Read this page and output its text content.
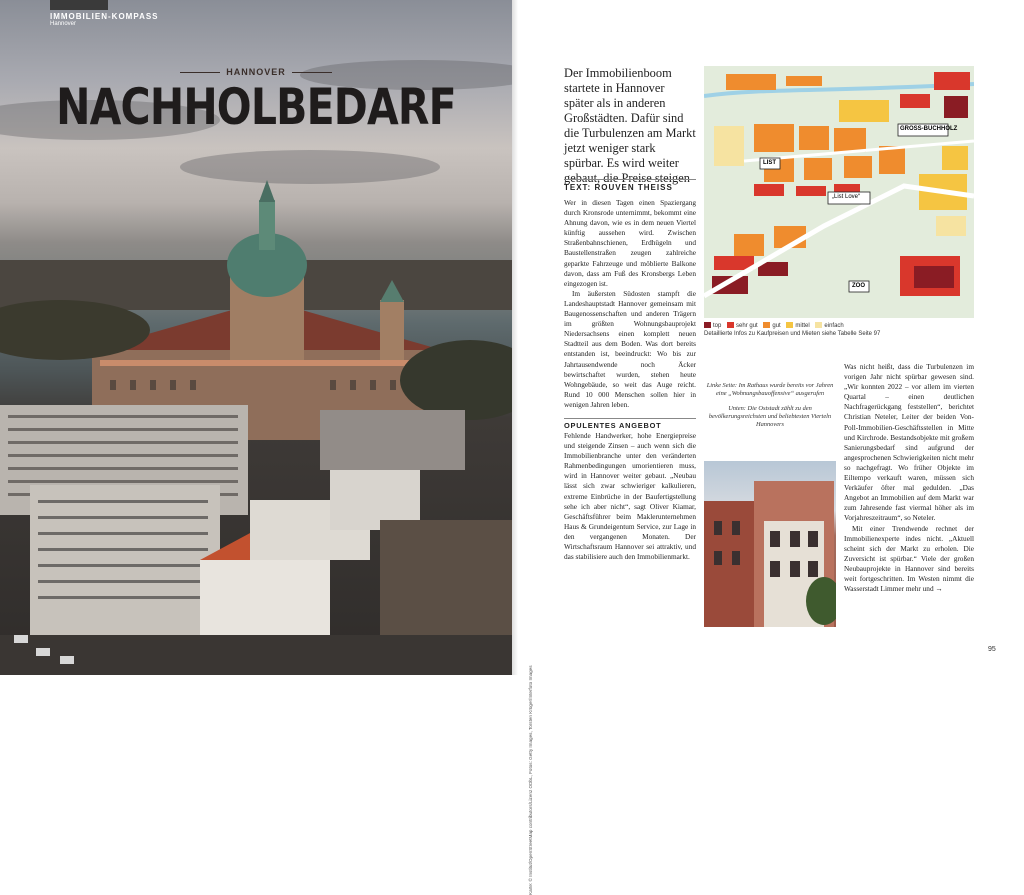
IMMOBILIEN-KOMPASS
Hannover
HANNOVER
NACHHOLBEDARF
Der Immobilienboom startete in Hannover später als in anderen Großstädten. Dafür sind die Turbulenzen am Markt jetzt weniger stark spürbar. Es wird weiter gebaut, die Preise steigen
TEXT: ROUVEN THEISS

Wer in diesen Tagen einen Spaziergang durch Kronsrode unternimmt, bekommt eine Ahnung davon, wie es in dem neuen Viertel künftig aussehen wird. Zwischen Straßenbahnschienen, Erdhügeln und Baustellenstraßen zeugen zahlreiche geparkte Fahrzeuge und möblierte Balkone davon, dass am Fuß des Kronsbergs Leben eingezogen ist.

Im äußersten Südosten stampft die Landeshauptstadt Hannover gemeinsam mit Baugenossenschaften und anderen Trägern im größten Wohnungsbauprojekt Niedersachsens einen komplett neuen Stadtteil aus dem Boden. Was dort bereits entstanden ist, beeindruckt: Wo bis zur Jahrtausendwende noch Äcker bewirtschaftet wurden, stehen heute Wohngebäude, so weit das Auge reicht. Rund 10 000 Menschen sollen hier in wenigen Jahren leben.

OPULENTES ANGEBOT

Fehlende Handwerker, hohe Energiepreise und steigende Zinsen – auch wenn sich die Immobilienbranche unter den veränderten Rahmenbedingungen umorientieren muss, wird in Hannover weiter gebaut. „Neubau lässt sich zwar schwieriger kalkulieren, extreme Einbrüche in der Baufertigstellung sehe ich aber nicht“, sagt Oliver Kiamar, Geschäftsführer beim Maklerunternehmen Haus & Grundeigentum Service, zur Lage in den vergangenen Monaten. Der Wirtschaftsraum Hannover sei attraktiv, und das stabilisiere auch den Immobilienmarkt.

GROSS-BUCHHOLZ
LIST
„List Love“
ZOO
top sehr gut gut mittel einfach
Detaillierte Infos zu Kaufpreisen und Mieten siehe Tabelle Seite 97

Linke Seite: Im Rathaus wurde bereits vor Jahren eine „Wohnungsbauoffensive“ ausgerufen

Unten: Die Oststadt zählt zu den bevölkerungsreichsten und beliebtesten Vierteln Hannovers

Was nicht heißt, dass die Turbulenzen im vorigen Jahr nicht spürbar gewesen sind. „Wir konnten 2022 – vor allem im vierten Quartal – einen deutlichen Nachfragerückgang feststellen“, berichtet Christian Neteler, Leiter der beiden Von-Poll-Immobilien-Geschäftsstellen in Mitte und Kirchrode. Bestandsobjekte mit großem Sanierungsbedarf sind aufgrund der angesprochenen Schwierigkeiten nicht mehr so nachgefragt. Wo früher Objekte im Eiltempo verkauft waren, müssen sich Verkäufer öfter mal gedulden. „Das Angebot an Immobilien auf dem Markt war zum Jahresende fast viermal höher als im Vorjahreszeitraum“, so Neteler.

Mit einer Trendwende rechnet der Immobilienexperte indes nicht. „Aktuell scheint sich der Markt zu erholen. Die Zuversicht ist spürbar.“ Viele der großen Neubauprojekte in Hannover sind bereits weit fortgeschritten. Im Westen nimmt die Wasserstadt Limmer mehr und →

95
Karte: © Institut/OpenStreetMap contributors/Lizenz ODbL, Fotos: Getty Images, Torsten Krüger/Interfoto Images
